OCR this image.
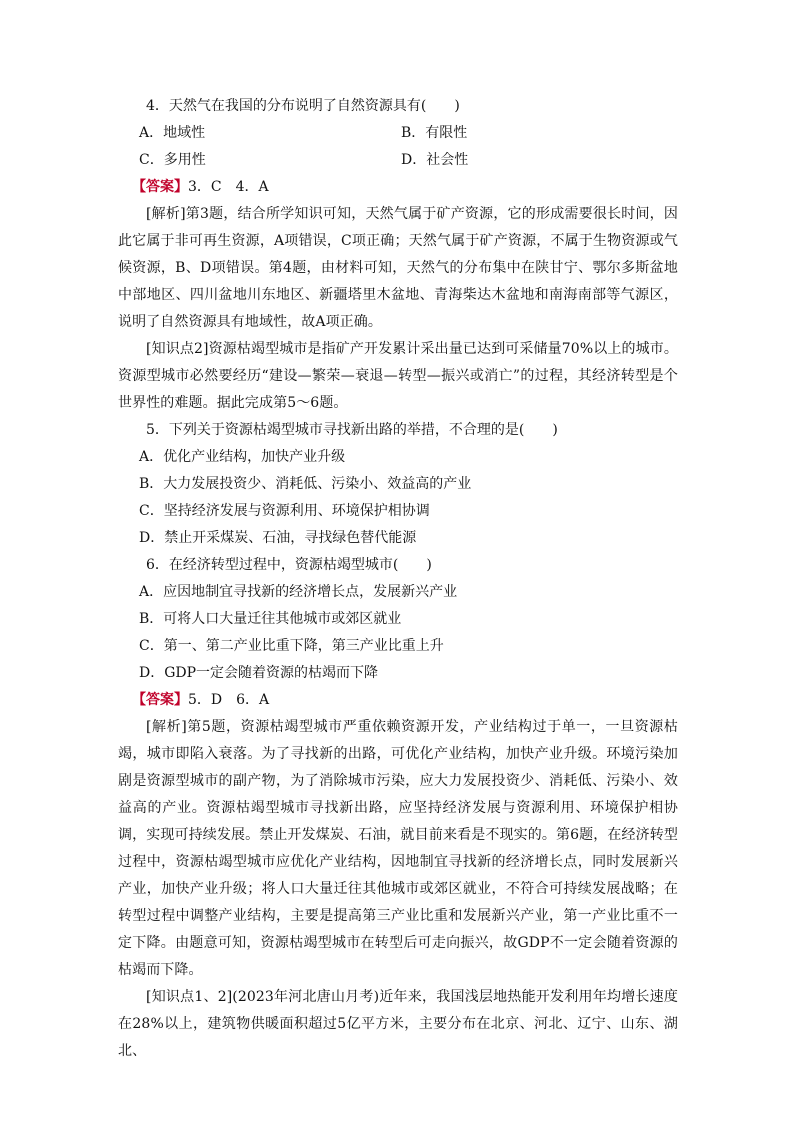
4．天然气在我国的分布说明了自然资源具有(　　)
A．地域性	B．有限性
C．多用性	D．社会性
【答案】3．C　4．A
[解析]第3题，结合所学知识可知，天然气属于矿产资源，它的形成需要很长时间，因此它属于非可再生资源，A项错误，C项正确；天然气属于矿产资源，不属于生物资源或气候资源，B、D项错误。第4题，由材料可知，天然气的分布集中在陕甘宁、鄂尔多斯盆地中部地区、四川盆地川东地区、新疆塔里木盆地、青海柴达木盆地和南海南部等气源区，说明了自然资源具有地域性，故A项正确。
[知识点2]资源枯竭型城市是指矿产开发累计采出量已达到可采储量70%以上的城市。资源型城市必然要经历“建设—繁荣—衰退—转型—振兴或消亡”的过程，其经济转型是个世界性的难题。据此完成第5～6题。
5．下列关于资源枯竭型城市寻找新出路的举措，不合理的是(　　)
A．优化产业结构，加快产业升级
B．大力发展投资少、消耗低、污染小、效益高的产业
C．坚持经济发展与资源利用、环境保护相协调
D．禁止开采煤炭、石油，寻找绿色替代能源
6．在经济转型过程中，资源枯竭型城市(　　)
A．应因地制宜寻找新的经济增长点，发展新兴产业
B．可将人口大量迁往其他城市或郊区就业
C．第一、第二产业比重下降，第三产业比重上升
D．GDP一定会随着资源的枯竭而下降
【答案】5．D　6．A
[解析]第5题，资源枯竭型城市严重依赖资源开发，产业结构过于单一，一旦资源枯竭，城市即陷入衰落。为了寻找新的出路，可优化产业结构，加快产业升级。环境污染加剧是资源型城市的副产物，为了消除城市污染，应大力发展投资少、消耗低、污染小、效益高的产业。资源枯竭型城市寻找新出路，应坚持经济发展与资源利用、环境保护相协调，实现可持续发展。禁止开发煤炭、石油，就目前来看是不现实的。第6题，在经济转型过程中，资源枯竭型城市应优化产业结构，因地制宜寻找新的经济增长点，同时发展新兴产业，加快产业升级；将人口大量迁往其他城市或郊区就业，不符合可持续发展战略；在转型过程中调整产业结构，主要是提高第三产业比重和发展新兴产业，第一产业比重不一定下降。由题意可知，资源枯竭型城市在转型后可走向振兴，故GDP不一定会随着资源的枯竭而下降。
[知识点1、2](2023年河北唐山月考)近年来，我国浅层地热能开发利用年均增长速度在28%以上，建筑物供暖面积超过5亿平方米，主要分布在北京、河北、辽宁、山东、湖北、
